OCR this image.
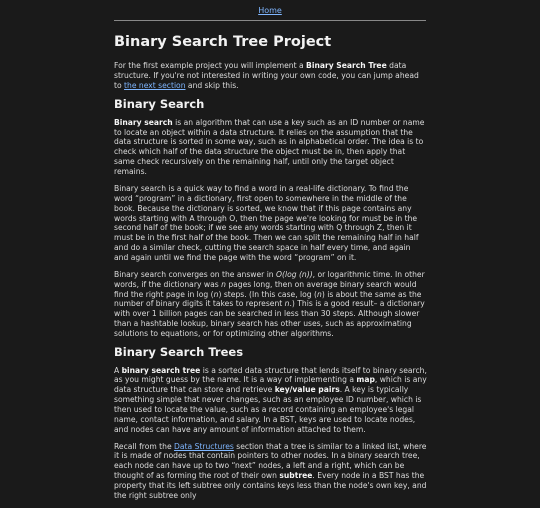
Home
Binary Search Tree Project

For the first example project you will implement a Binary Search Tree data structure. If you're not interested in writing your own code, you can jump ahead to the next section and skip this.

Binary Search

Binary search is an algorithm that can use a key such as an ID number or name to locate an object within a data structure. It relies on the assumption that the data structure is sorted in some way, such as in alphabetical order. The idea is to check which half of the data structure the object must be in, then apply that same check recursively on the remaining half, until only the target object remains.

Binary search is a quick way to find a word in a real-life dictionary. To find the word “program” in a dictionary, first open to somewhere in the middle of the book. Because the dictionary is sorted, we know that if this page contains any words starting with A through O, then the page we're looking for must be in the second half of the book; if we see any words starting with Q through Z, then it must be in the first half of the book. Then we can split the remaining half in half and do a similar check, cutting the search space in half every time, and again and again until we find the page with the word “program” on it.

Binary search converges on the answer in O(log (n)), or logarithmic time. In other words, if the dictionary was n pages long, then on average binary search would find the right page in log (n) steps. (In this case, log (n) is about the same as the number of binary digits it takes to represent n.) This is a good result– a dictionary with over 1 billion pages can be searched in less than 30 steps. Although slower than a hashtable lookup, binary search has other uses, such as approximating solutions to equations, or for optimizing other algorithms.

Binary Search Trees

A binary search tree is a sorted data structure that lends itself to binary search, as you might guess by the name. It is a way of implementing a map, which is any data structure that can store and retrieve key/value pairs. A key is typically something simple that never changes, such as an employee ID number, which is then used to locate the value, such as a record containing an employee's legal name, contact information, and salary. In a BST, keys are used to locate nodes, and nodes can have any amount of information attached to them.

Recall from the Data Structures section that a tree is similar to a linked list, where it is made of nodes that contain pointers to other nodes. In a binary search tree, each node can have up to two “next” nodes, a left and a right, which can be thought of as forming the root of their own subtree. Every node in a BST has the property that its left subtree only contains keys less than the node's own key, and the right subtree only
